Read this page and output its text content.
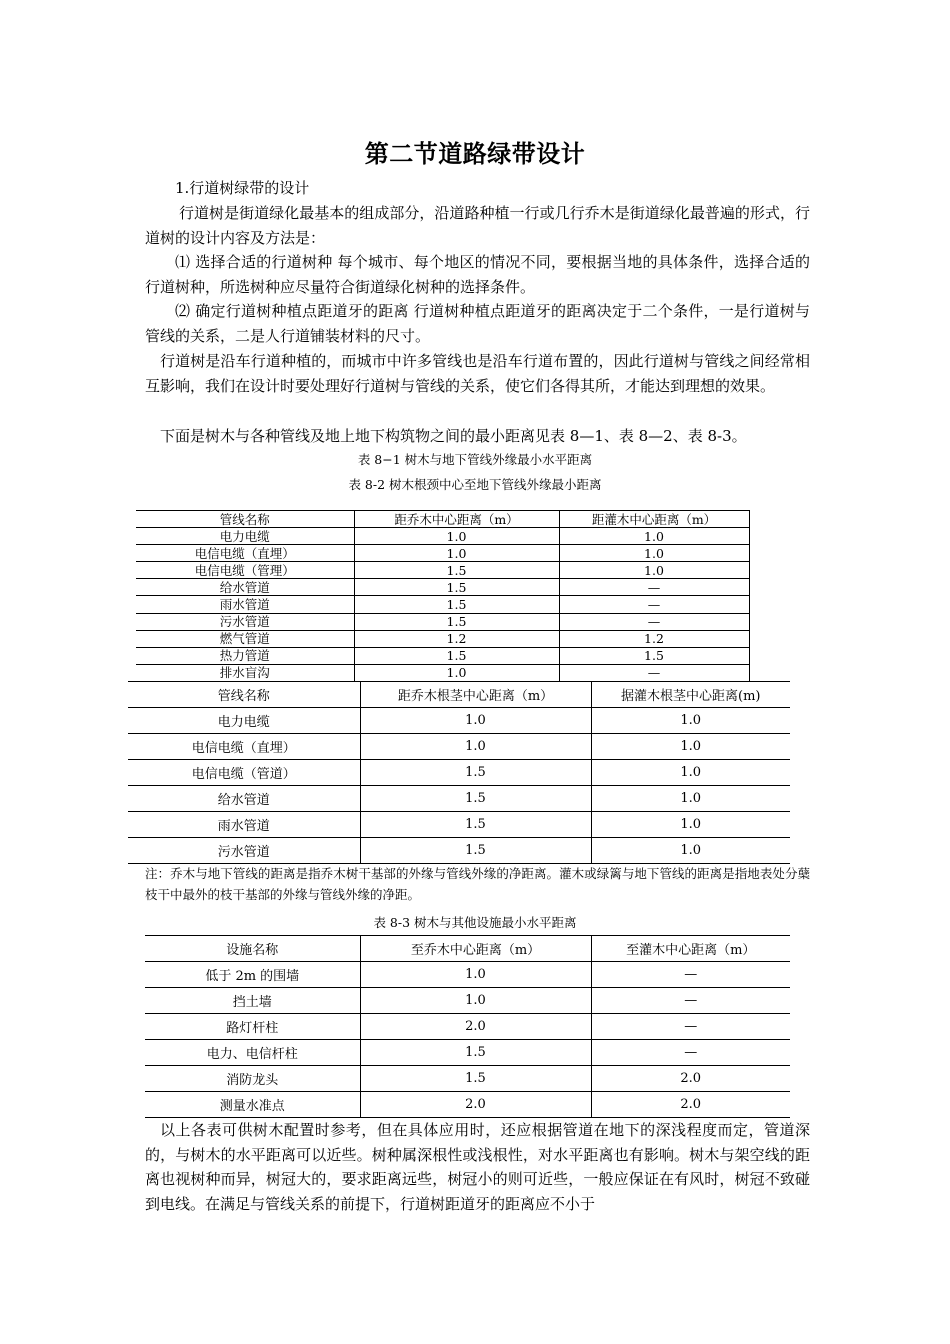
第二节道路绿带设计

1.行道树绿带的设计

行道树是街道绿化最基本的组成部分，沿道路种植一行或几行乔木是街道绿化最普遍的形式，行道树的设计内容及方法是：

⑴ 选择合适的行道树种 每个城市、每个地区的情况不同，要根据当地的具体条件，选择合适的行道树种，所选树种应尽量符合街道绿化树种的选择条件。

⑵ 确定行道树种植点距道牙的距离 行道树种植点距道牙的距离决定于二个条件，一是行道树与管线的关系，二是人行道铺装材料的尺寸。

行道树是沿车行道种植的，而城市中许多管线也是沿车行道布置的，因此行道树与管线之间经常相互影响，我们在设计时要处理好行道树与管线的关系，使它们各得其所，才能达到理想的效果。

下面是树木与各种管线及地上地下构筑物之间的最小距离见表 8—1、表 8—2、表 8-3。

表 8−1 树木与地下管线外缘最小水平距离
表 8-2 树木根颈中心至地下管线外缘最小距离
管线名称	距乔木中心距离（m）	距灌木中心距离（m）
电力电缆	1.0	1.0
电信电缆（直埋）	1.0	1.0
电信电缆（管理）	1.5	1.0
给水管道	1.5	—
雨水管道	1.5	—
污水管道	1.5	—
燃气管道	1.2	1.2
热力管道	1.5	1.5
排水盲沟	1.0	—
管线名称	距乔木根茎中心距离（m）	据灌木根茎中心距离(m)
电力电缆	1.0	1.0
电信电缆（直埋）	1.0	1.0
电信电缆（管道）	1.5	1.0
给水管道	1.5	1.0
雨水管道	1.5	1.0
污水管道	1.5	1.0

注：乔木与地下管线的距离是指乔木树干基部的外缘与管线外缘的净距离。灌木或绿篱与地下管线的距离是指地表处分蘖枝干中最外的枝干基部的外缘与管线外缘的净距。

表 8-3 树木与其他设施最小水平距离
设施名称	至乔木中心距离（m）	至灌木中心距离（m）
低于 2m 的围墙	1.0	—
挡土墙	1.0	—
路灯杆柱	2.0	—
电力、电信杆柱	1.5	—
消防龙头	1.5	2.0
测量水准点	2.0	2.0

以上各表可供树木配置时参考，但在具体应用时，还应根据管道在地下的深浅程度而定，管道深的，与树木的水平距离可以近些。树种属深根性或浅根性，对水平距离也有影响。树木与架空线的距离也视树种而异，树冠大的，要求距离远些，树冠小的则可近些，一般应保证在有风时，树冠不致碰到电线。在满足与管线关系的前提下，行道树距道牙的距离应不小于
